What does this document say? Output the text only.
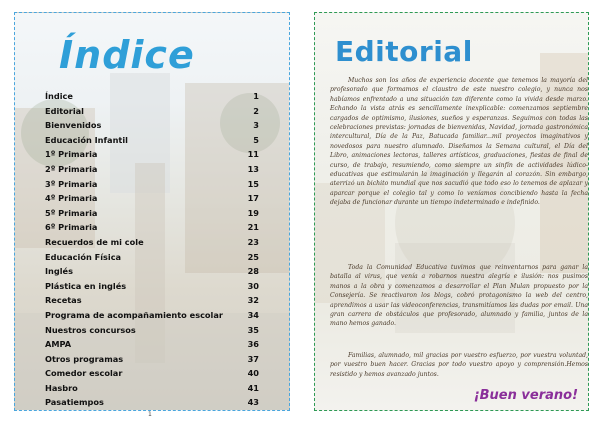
Índice
Índice	1
Editorial	2
Bienvenidos	3
Educación Infantil	5
1º Primaria	11
2º Primaria	13
3º Primaria	15
4º Primaria	17
5º Primaria	19
6º Primaria	21
Recuerdos de mi cole	23
Educación Física	25
Inglés	28
Plástica en inglés	30
Recetas	32
Programa de acompañamiento escolar	34
Nuestros concursos	35
AMPA	36
Otros programas	37
Comedor escolar	40
Hasbro	41
Pasatiempos	43
1
Editorial

Muchos son los años de experiencia docente que tenemos la mayoría del profesorado que formamos el claustro de este nuestro colegio, y nunca nos habíamos enfrentado a una situación tan diferente como la vivida desde marzo. Echando la vista atrás es sencillamente inexplicable: comenzamos septiembre cargados de optimismo, ilusiones, sueños y esperanzas. Seguimos con todas las celebraciones previstas: jornadas de bienvenidas, Navidad, jornada gastronómica intercultural, Día de la Paz, Batucada familiar...mil proyectos imaginativos y novedosos para nuestro alumnado. Diseñamos la Semana cultural, el Día del Libro, animaciones lectoras, talleres artísticos, graduaciones, fiestas de final de curso, de trabajo, resumiendo, como siempre un sinfín de actividades lúdico-educativas que estimularán la imaginación y llegarán al corazón. Sin embargo, aterrizó un bichito mundial que nos sacudió que todo eso lo tenemos de aplazar y aparcar porque el colegio tal y como lo veníamos concibiendo hasta la fecha dejaba de funcionar durante un tiempo indeterminado e indefinido.

Toda la Comunidad Educativa tuvimos que reinventarnos para ganar la batalla al virus, que venía a robarnos nuestra alegría e ilusión: nos pusimos manos a la obra y comenzamos a desarrollar el Plan Mulan propuesto por la Consejería. Se reactivaron los blogs, cobró protagonismo la web del centro, aprendimos a usar las videoconferencias, transmitíamos las dudas por email. Una gran carrera de obstáculos que profesorado, alumnado y familia, juntos de la mano hemos ganado.

Familias, alumnado, mil gracias por vuestro esfuerzo, por vuestra voluntad, por vuestro buen hacer. Gracias por todo vuestro apoyo y comprensión.Hemos resistido y hemos avanzado juntos.

¡Buen verano!
